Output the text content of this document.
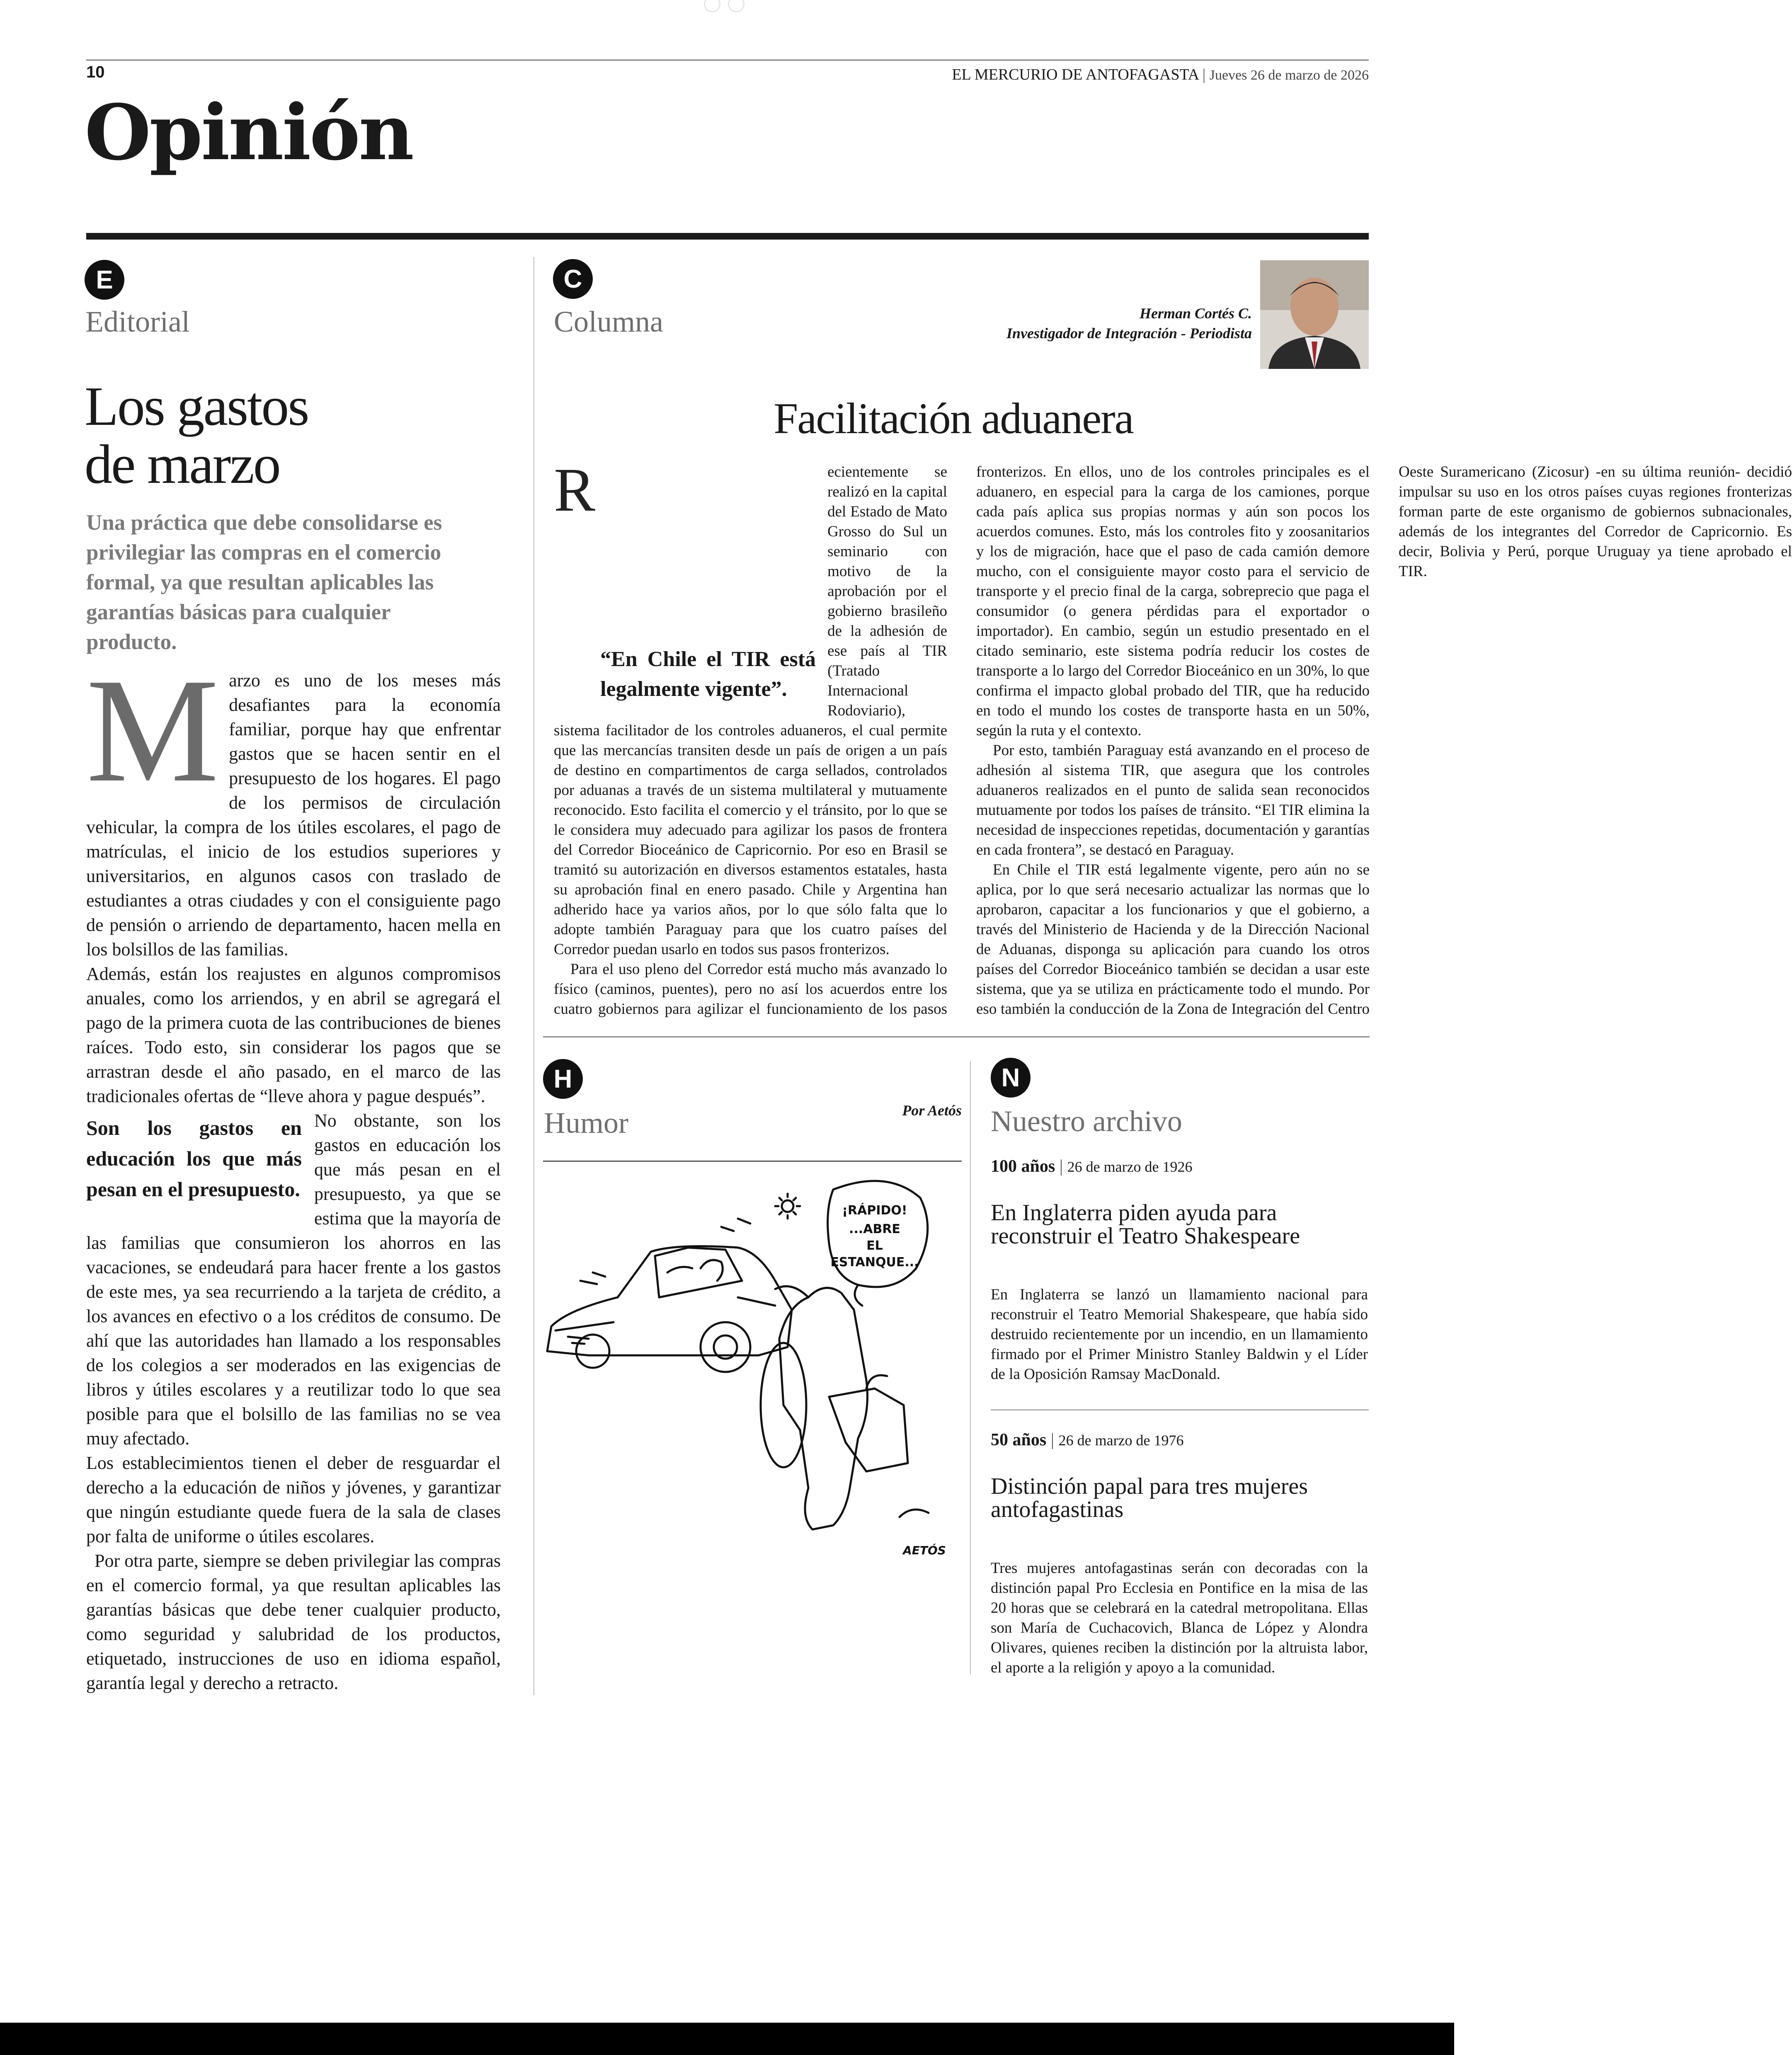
10	EL MERCURIO DE ANTOFAGASTA | Jueves 26 de marzo de 2026
Opinión
E
Editorial
Los gastos
de marzo
Una práctica que debe consolidarse es privilegiar las compras en el comercio formal, ya que resultan aplicables las garantías básicas para cualquier producto.

Marzo es uno de los meses más desafiantes para la economía familiar, porque hay que enfrentar gastos que se hacen sentir en el presupuesto de los hogares. El pago de los permisos de circulación vehicular, la compra de los útiles escolares, el pago de matrículas, el inicio de los estudios superiores y universitarios, en algunos casos con traslado de estudiantes a otras ciudades y con el consiguiente pago de pensión o arriendo de departamento, hacen mella en los bolsillos de las familias.

Además, están los reajustes en algunos compromisos anuales, como los arriendos, y en abril se agregará el pago de la primera cuota de las contribuciones de bienes raíces. Todo esto, sin considerar los pagos que se arrastran desde el año pasado, en el marco de las tradicionales ofertas de “lleve ahora y pague después”.

Son los gastos en educación los que más pesan en el presupuesto.
No obstante, son los gastos en educación los que más pesan en el presupuesto, ya que se estima que la mayoría de las familias que consumieron los ahorros en las vacaciones, se endeudará para hacer frente a los gastos de este mes, ya sea recurriendo a la tarjeta de crédito, a los avances en efectivo o a los créditos de consumo. De ahí que las autoridades han llamado a los responsables de los colegios a ser moderados en las exigencias de libros y útiles escolares y a reutilizar todo lo que sea posible para que el bolsillo de las familias no se vea muy afectado.

Los establecimientos tienen el deber de resguardar el derecho a la educación de niños y jóvenes, y garantizar que ningún estudiante quede fuera de la sala de clases por falta de uniforme o útiles escolares.

Por otra parte, siempre se deben privilegiar las compras en el comercio formal, ya que resultan aplicables las garantías básicas que debe tener cualquier producto, como seguridad y salubridad de los productos, etiquetado, instrucciones de uso en idioma español, garantía legal y derecho a retracto.

C
Columna	Herman Cortés C.
Investigador de Integración - Periodista
Facilitación aduanera

R
“En Chile el TIR está legalmente vigente”.
ecientemente se realizó en la capital del Estado de Mato Grosso do Sul un seminario con motivo de la aprobación por el gobierno brasileño de la adhesión de ese país al TIR (Tratado Internacional Rodoviario), sistema facilitador de los controles aduaneros, el cual permite que las mercancías transiten desde un país de origen a un país de destino en compartimentos de carga sellados, controlados por aduanas a través de un sistema multilateral y mutuamente reconocido. Esto facilita el comercio y el tránsito, por lo que se le considera muy adecuado para agilizar los pasos de frontera del Corredor Bioceánico de Capricornio. Por eso en Brasil se tramitó su autorización en diversos estamentos estatales, hasta su aprobación final en enero pasado. Chile y Argentina han adherido hace ya varios años, por lo que sólo falta que lo adopte también Paraguay para que los cuatro países del Corredor puedan usarlo en todos sus pasos fronterizos.

Para el uso pleno del Corredor está mucho más avanzado lo físico (caminos, puentes), pero no así los acuerdos entre los cuatro gobiernos para agilizar el funcionamiento de los pasos fronterizos. En ellos, uno de los controles principales es el aduanero, en especial para la carga de los camiones, porque cada país aplica sus propias normas y aún son pocos los acuerdos comunes. Esto, más los controles fito y zoosanitarios y los de migración, hace que el paso de cada camión demore mucho, con el consiguiente mayor costo para el servicio de transporte y el precio final de la carga, sobreprecio que paga el consumidor (o genera pérdidas para el exportador o importador). En cambio, según un estudio presentado en el citado seminario, este sistema podría reducir los costes de transporte a lo largo del Corredor Bioceánico en un 30%, lo que confirma el impacto global probado del TIR, que ha reducido en todo el mundo los costes de transporte hasta en un 50%, según la ruta y el contexto.

Por esto, también Paraguay está avanzando en el proceso de adhesión al sistema TIR, que asegura que los controles aduaneros realizados en el punto de salida sean reconocidos mutuamente por todos los países de tránsito. “El TIR elimina la necesidad de inspecciones repetidas, documentación y garantías en cada frontera”, se destacó en Paraguay.

En Chile el TIR está legalmente vigente, pero aún no se aplica, por lo que será necesario actualizar las normas que lo aprobaron, capacitar a los funcionarios y que el gobierno, a través del Ministerio de Hacienda y de la Dirección Nacional de Aduanas, disponga su aplicación para cuando los otros países del Corredor Bioceánico también se decidan a usar este sistema, que ya se utiliza en prácticamente todo el mundo. Por eso también la conducción de la Zona de Integración del Centro Oeste Suramericano (Zicosur) -en su última reunión- decidió impulsar su uso en los otros países cuyas regiones fronterizas forman parte de este organismo de gobiernos subnacionales, además de los integrantes del Corredor de Capricornio. Es decir, Bolivia y Perú, porque Uruguay ya tiene aprobado el TIR.

H
Humor	Por Aetós
¡RÁPIDO!
...ABRE
EL
ESTANQUE...
AETÓS
N
Nuestro archivo
100 años | 26 de marzo de 1926
En Inglaterra piden ayuda para reconstruir el Teatro Shakespeare
En Inglaterra se lanzó un llamamiento nacional para reconstruir el Teatro Memorial Shakespeare, que había sido destruido recientemente por un incendio, en un llamamiento firmado por el Primer Ministro Stanley Baldwin y el Líder de la Oposición Ramsay MacDonald.
50 años | 26 de marzo de 1976
Distinción papal para tres mujeres antofagastinas
Tres mujeres antofagastinas serán con decoradas con la distinción papal Pro Ecclesia en Pontifice en la misa de las 20 horas que se celebrará en la catedral metropolitana. Ellas son María de Cuchacovich, Blanca de López y Alondra Olivares, quienes reciben la distinción por la altruista labor, el aporte a la religión y apoyo a la comunidad.
